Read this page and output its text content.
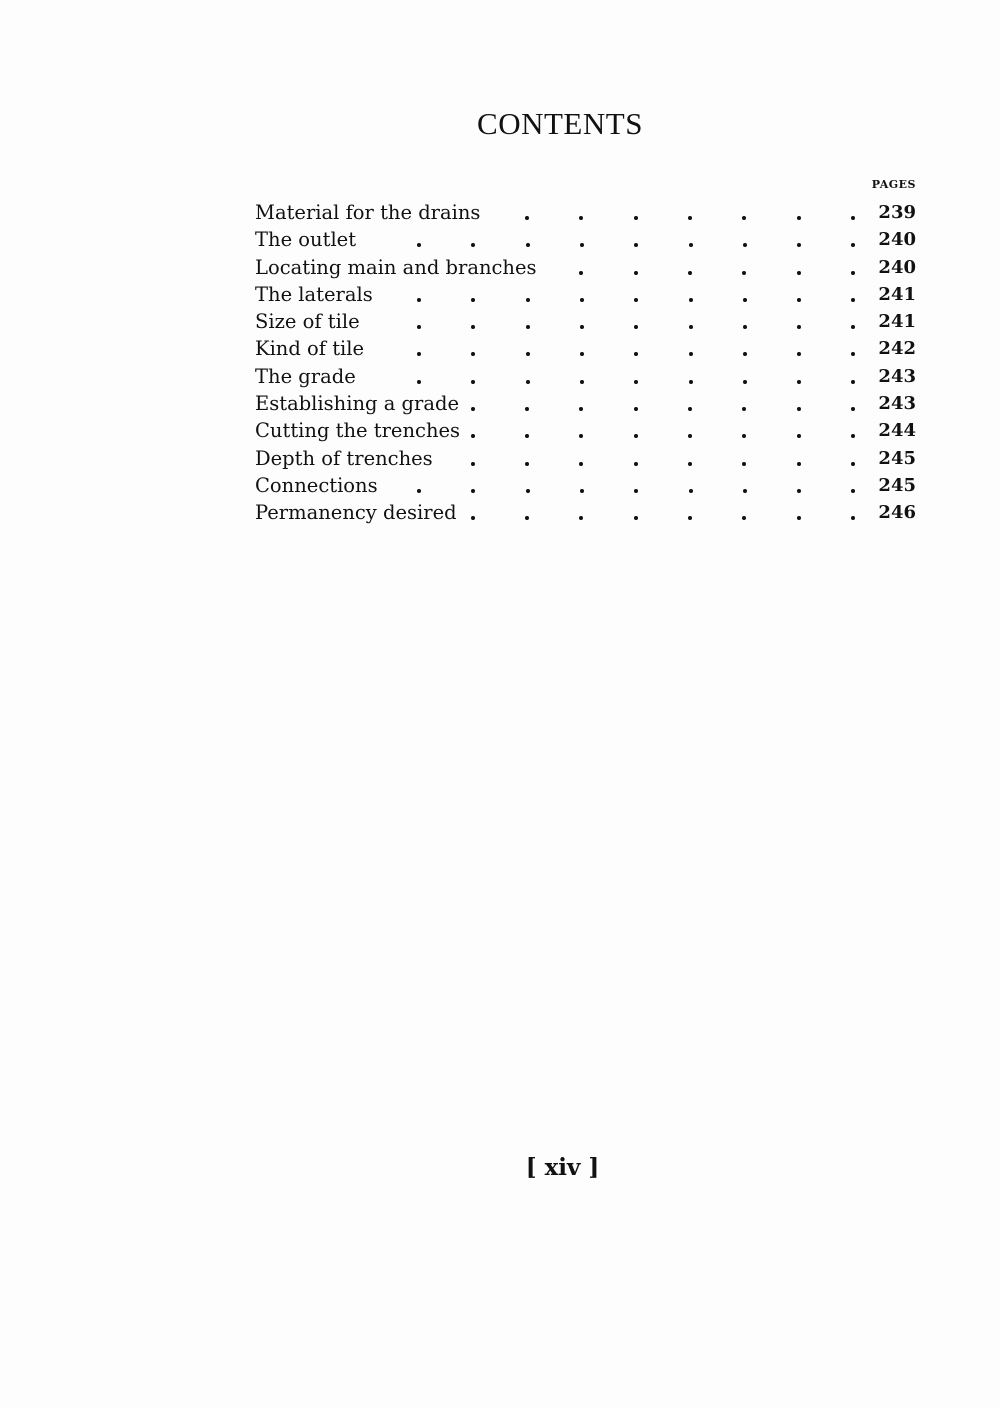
CONTENTS
PAGES
Material for the drains	239
The outlet	240
Locating main and branches	240
The laterals	241
Size of tile	241
Kind of tile	242
The grade	243
Establishing a grade	243
Cutting the trenches	244
Depth of trenches	245
Connections	245
Permanency desired	246
[ xiv ]
